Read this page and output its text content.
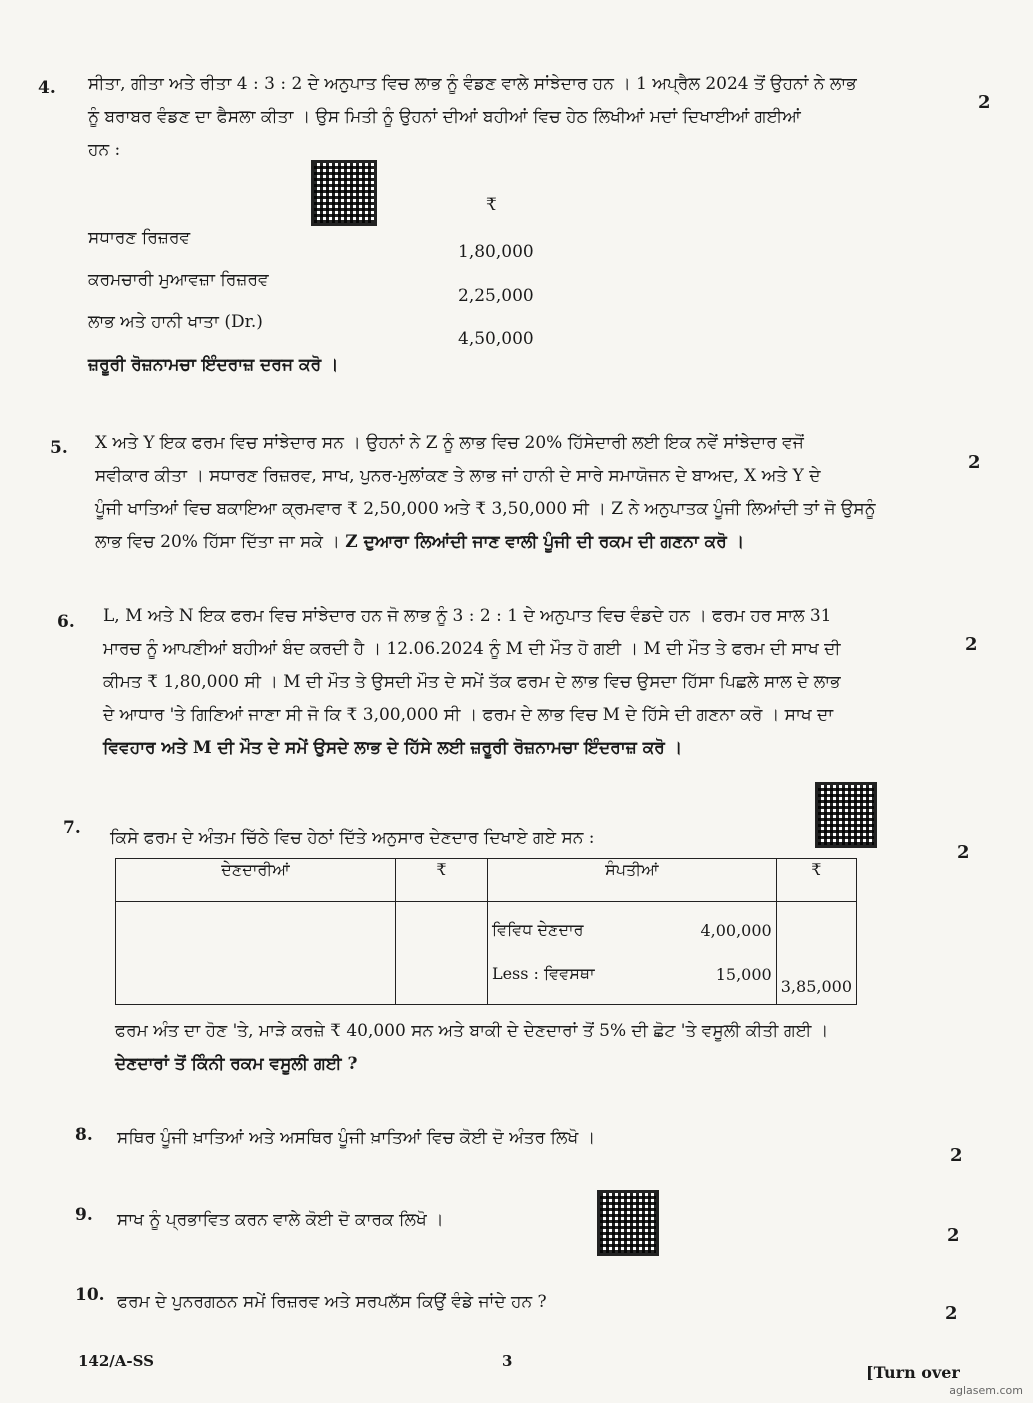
4. ਸੀਤਾ, ਗੀਤਾ ਅਤੇ ਰੀਤਾ 4 : 3 : 2 ਦੇ ਅਨੁਪਾਤ ਵਿਚ ਲਾਭ ਨੂੰ ਵੰਡਣ ਵਾਲੇ ਸਾਂਝੇਦਾਰ ਹਨ । 1 ਅਪ੍ਰੈਲ 2024 ਤੋਂ ਉਹਨਾਂ ਨੇ ਲਾਭ
ਨੂੰ ਬਰਾਬਰ ਵੰਡਣ ਦਾ ਫੈਸਲਾ ਕੀਤਾ । ਉਸ ਮਿਤੀ ਨੂੰ ਉਹਨਾਂ ਦੀਆਂ ਬਹੀਆਂ ਵਿਚ ਹੇਠ ਲਿਖੀਆਂ ਮਦਾਂ ਦਿਖਾਈਆਂ ਗਈਆਂ
ਹਨ :
2
₹
ਸਧਾਰਣ ਰਿਜ਼ਰਵ
1,80,000
ਕਰਮਚਾਰੀ ਮੁਆਵਜ਼ਾ ਰਿਜ਼ਰਵ
2,25,000
ਲਾਭ ਅਤੇ ਹਾਨੀ ਖਾਤਾ (Dr.)
4,50,000
ਜ਼ਰੂਰੀ ਰੋਜ਼ਨਾਮਚਾ ਇੰਦਰਾਜ਼ ਦਰਜ ਕਰੋ ।
5. X ਅਤੇ Y ਇਕ ਫਰਮ ਵਿਚ ਸਾਂਝੇਦਾਰ ਸਨ । ਉਹਨਾਂ ਨੇ Z ਨੂੰ ਲਾਭ ਵਿਚ 20% ਹਿੱਸੇਦਾਰੀ ਲਈ ਇਕ ਨਵੇਂ ਸਾਂਝੇਦਾਰ ਵਜੋਂ
ਸਵੀਕਾਰ ਕੀਤਾ । ਸਧਾਰਣ ਰਿਜ਼ਰਵ, ਸਾਖ, ਪੁਨਰ-ਮੁਲਾਂਕਣ ਤੇ ਲਾਭ ਜਾਂ ਹਾਨੀ ਦੇ ਸਾਰੇ ਸਮਾਯੋਜਨ ਦੇ ਬਾਅਦ, X ਅਤੇ Y ਦੇ
ਪੂੰਜੀ ਖਾਤਿਆਂ ਵਿਚ ਬਕਾਇਆ ਕ੍ਰਮਵਾਰ ₹ 2,50,000 ਅਤੇ ₹ 3,50,000 ਸੀ । Z ਨੇ ਅਨੁਪਾਤਕ ਪੂੰਜੀ ਲਿਆਂਦੀ ਤਾਂ ਜੋ ਉਸਨੂੰ
ਲਾਭ ਵਿਚ 20% ਹਿੱਸਾ ਦਿੱਤਾ ਜਾ ਸਕੇ । Z ਦੁਆਰਾ ਲਿਆਂਦੀ ਜਾਣ ਵਾਲੀ ਪੂੰਜੀ ਦੀ ਰਕਮ ਦੀ ਗਣਨਾ ਕਰੋ ।
2
6. L, M ਅਤੇ N ਇਕ ਫਰਮ ਵਿਚ ਸਾਂਝੇਦਾਰ ਹਨ ਜੋ ਲਾਭ ਨੂੰ 3 : 2 : 1 ਦੇ ਅਨੁਪਾਤ ਵਿਚ ਵੰਡਦੇ ਹਨ । ਫਰਮ ਹਰ ਸਾਲ 31
ਮਾਰਚ ਨੂੰ ਆਪਣੀਆਂ ਬਹੀਆਂ ਬੰਦ ਕਰਦੀ ਹੈ । 12.06.2024 ਨੂੰ M ਦੀ ਮੌਤ ਹੋ ਗਈ । M ਦੀ ਮੌਤ ਤੇ ਫਰਮ ਦੀ ਸਾਖ ਦੀ
ਕੀਮਤ ₹ 1,80,000 ਸੀ । M ਦੀ ਮੌਤ ਤੇ ਉਸਦੀ ਮੌਤ ਦੇ ਸਮੇਂ ਤੱਕ ਫਰਮ ਦੇ ਲਾਭ ਵਿਚ ਉਸਦਾ ਹਿੱਸਾ ਪਿਛਲੇ ਸਾਲ ਦੇ ਲਾਭ
ਦੇ ਆਧਾਰ 'ਤੇ ਗਿਣਿਆਂ ਜਾਣਾ ਸੀ ਜੋ ਕਿ ₹ 3,00,000 ਸੀ । ਫਰਮ ਦੇ ਲਾਭ ਵਿਚ M ਦੇ ਹਿੱਸੇ ਦੀ ਗਣਨਾ ਕਰੋ । ਸਾਖ ਦਾ
ਵਿਵਹਾਰ ਅਤੇ M ਦੀ ਮੌਤ ਦੇ ਸਮੇਂ ਉਸਦੇ ਲਾਭ ਦੇ ਹਿੱਸੇ ਲਈ ਜ਼ਰੂਰੀ ਰੋਜ਼ਨਾਮਚਾ ਇੰਦਰਾਜ਼ ਕਰੋ ।
2
7. ਕਿਸੇ ਫਰਮ ਦੇ ਅੰਤਮ ਚਿੱਠੇ ਵਿਚ ਹੇਠਾਂ ਦਿੱਤੇ ਅਨੁਸਾਰ ਦੇਣਦਾਰ ਦਿਖਾਏ ਗਏ ਸਨ :
2
ਦੇਣਦਾਰੀਆਂ	₹	ਸੰਪਤੀਆਂ	₹

		ਵਿਵਿਧ ਦੇਣਦਾਰ 4,00,000
Less : ਵਿਵਸਥਾ 15,000	3,85,000
ਫਰਮ ਅੰਤ ਦਾ ਹੋਣ 'ਤੇ, ਮਾੜੇ ਕਰਜ਼ੇ ₹ 40,000 ਸਨ ਅਤੇ ਬਾਕੀ ਦੇ ਦੇਣਦਾਰਾਂ ਤੋਂ 5% ਦੀ ਛੋਟ 'ਤੇ ਵਸੂਲੀ ਕੀਤੀ ਗਈ ।
ਦੇਣਦਾਰਾਂ ਤੋਂ ਕਿੰਨੀ ਰਕਮ ਵਸੂਲੀ ਗਈ ?
8. ਸਥਿਰ ਪੂੰਜੀ ਖ਼ਾਤਿਆਂ ਅਤੇ ਅਸਥਿਰ ਪੂੰਜੀ ਖ਼ਾਤਿਆਂ ਵਿਚ ਕੋਈ ਦੋ ਅੰਤਰ ਲਿਖੋ ।
2
9. ਸਾਖ ਨੂੰ ਪ੍ਰਭਾਵਿਤ ਕਰਨ ਵਾਲੇ ਕੋਈ ਦੋ ਕਾਰਕ ਲਿਖੋ ।
2
10. ਫਰਮ ਦੇ ਪੁਨਰਗਠਨ ਸਮੇਂ ਰਿਜ਼ਰਵ ਅਤੇ ਸਰਪਲੱਸ ਕਿਉਂ ਵੰਡੇ ਜਾਂਦੇ ਹਨ ?
2
142/A-SS	3
[Turn over
aglasem.com
